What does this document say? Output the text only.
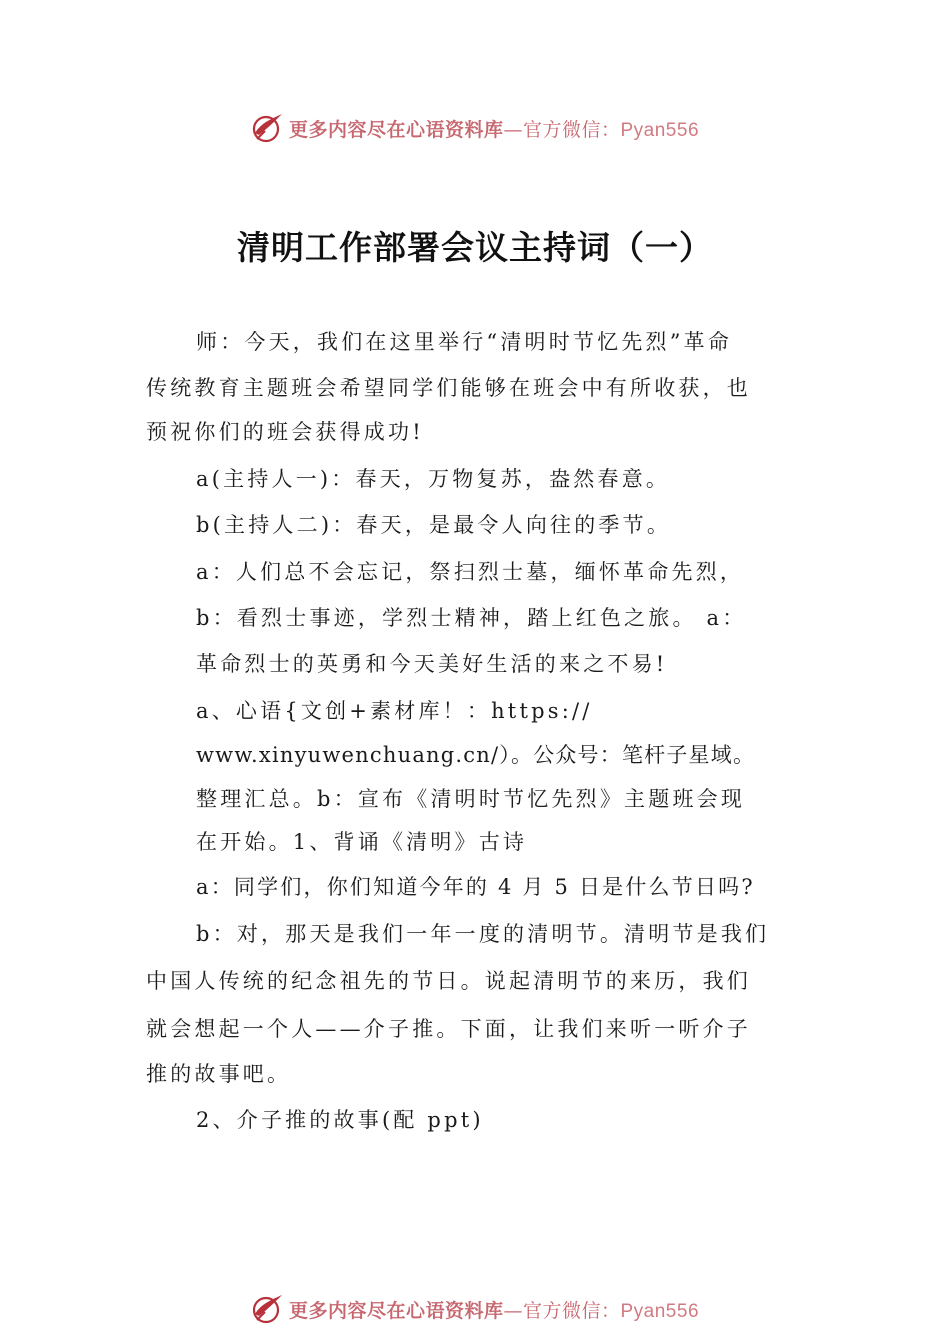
更多内容尽在心语资料库—官方微信：Pyan556
清明工作部署会议主持词（一）
师：今天，我们在这里举行“清明时节忆先烈”革命
传统教育主题班会希望同学们能够在班会中有所收获，也
预祝你们的班会获得成功!
a(主持人一)：春天，万物复苏，盎然春意。
b(主持人二)：春天，是最令人向往的季节。
a：人们总不会忘记，祭扫烈士墓，缅怀革命先烈，
b：看烈士事迹，学烈士精神，踏上红色之旅。 a：
革命烈士的英勇和今天美好生活的来之不易!
a、心语{文创+素材库！：https://
www.xinyuwenchuang.cn/）。公众号：笔杆子星域。
整理汇总。b：宣布《清明时节忆先烈》主题班会现
在开始。1、背诵《清明》古诗
a：同学们，你们知道今年的 4 月 5 日是什么节日吗?
b：对，那天是我们一年一度的清明节。清明节是我们
中国人传统的纪念祖先的节日。说起清明节的来历，我们
就会想起一个人——介子推。下面，让我们来听一听介子
推的故事吧。
2、介子推的故事(配 ppt)
更多内容尽在心语资料库—官方微信：Pyan556
